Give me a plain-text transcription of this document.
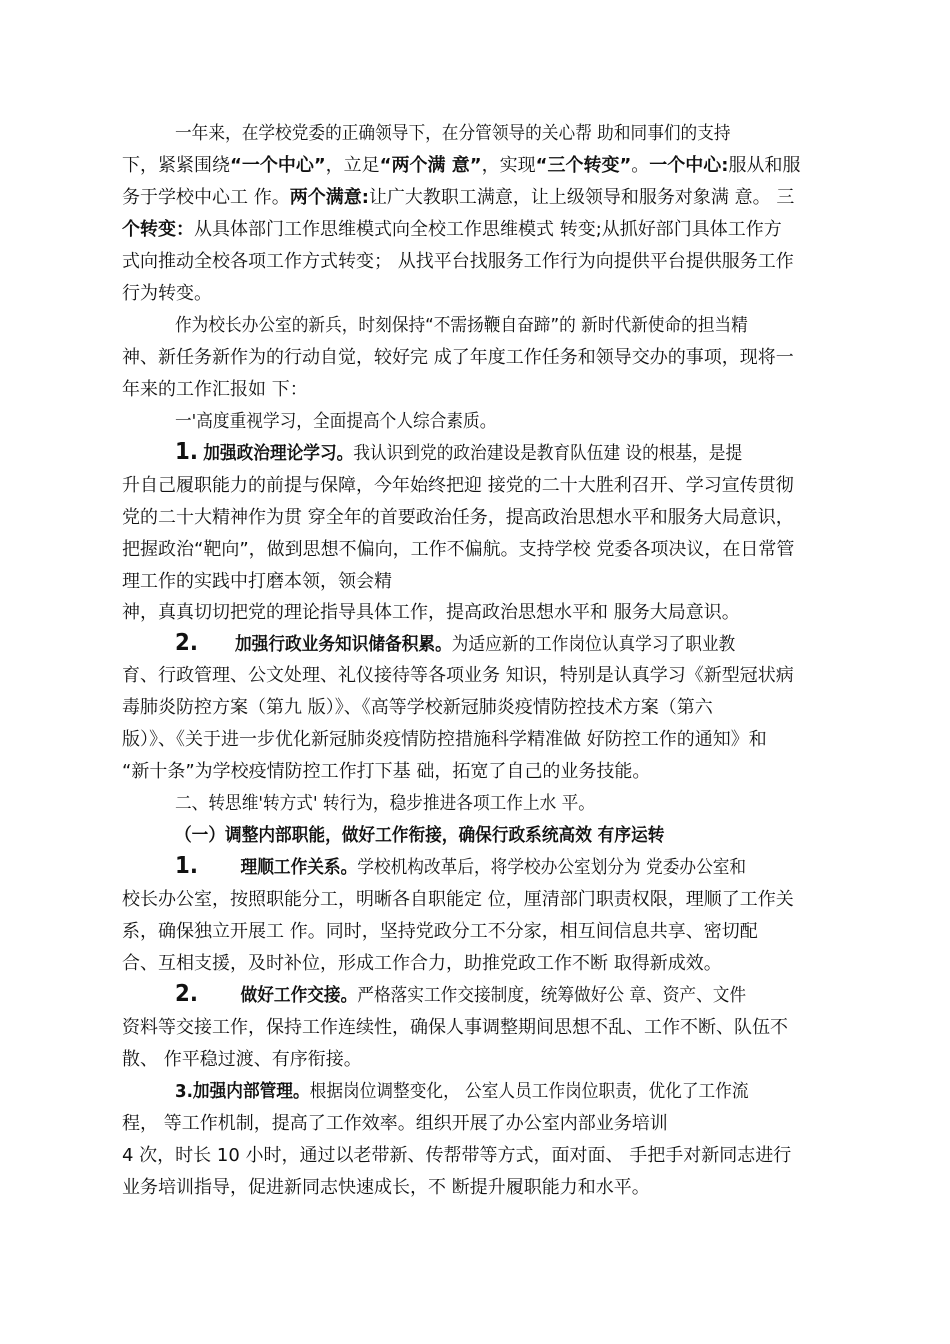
一年来，在学校党委的正确领导下，在分管领导的关心帮 助和同事们的支持
下，紧紧围绕“一个中心”，立足“两个满 意”，实现“三个转变”。一个中心:服从和服
务于学校中心工 作。两个满意:让广大教职工满意，让上级领导和服务对象满 意。 三
个转变：从具体部门工作思维模式向全校工作思维模式 转变;从抓好部门具体工作方
式向推动全校各项工作方式转变； 从找平台找服务工作行为向提供平台提供服务工作
行为转变。
作为校长办公室的新兵，时刻保持“不需扬鞭自奋蹄”的 新时代新使命的担当精
神、新任务新作为的行动自觉，较好完 成了年度工作任务和领导交办的事项，现将一
年来的工作汇报如 下：
一'高度重视学习，全面提高个人综合素质。
1. 加强政治理论学习。我认识到党的政治建设是教育队伍建 设的根基，是提
升自己履职能力的前提与保障，今年始终把迎 接党的二十大胜利召开、学习宣传贯彻
党的二十大精神作为贯 穿全年的首要政治任务，提高政治思想水平和服务大局意识，
把握政治“靶向”，做到思想不偏向，工作不偏航。支持学校 党委各项决议，在日常管
理工作的实践中打磨本领，领会精
神，真真切切把党的理论指导具体工作，提高政治思想水平和 服务大局意识。
2. 加强行政业务知识储备积累。为适应新的工作岗位认真学习了职业教
育、行政管理、公文处理、礼仪接待等各项业务 知识，特别是认真学习《新型冠状病
毒肺炎防控方案（第九 版）》、《高等学校新冠肺炎疫情防控技术方案（第六
版）》、《关于进一步优化新冠肺炎疫情防控措施科学精准做 好防控工作的通知》和
“新十条”为学校疫情防控工作打下基 础，拓宽了自己的业务技能。
二、转思维'转方式' 转行为，稳步推进各项工作上水 平。
（一）调整内部职能，做好工作衔接，确保行政系统高效 有序运转
1. 理顺工作关系。学校机构改革后，将学校办公室划分为 党委办公室和
校长办公室，按照职能分工，明晰各自职能定 位，厘清部门职责权限，理顺了工作关
系，确保独立开展工 作。同时，坚持党政分工不分家，相互间信息共享、密切配
合、互相支援，及时补位，形成工作合力，助推党政工作不断 取得新成效。
2. 做好工作交接。严格落实工作交接制度，统筹做好公 章、资产、文件
资料等交接工作，保持工作连续性，确保人事调整期间思想不乱、工作不断、队伍不
散、 作平稳过渡、有序衔接。
3.加强内部管理。根据岗位调整变化， 公室人员工作岗位职责，优化了工作流
程， 等工作机制，提高了工作效率。组织开展了办公室内部业务培训
4 次，时长 10 小时，通过以老带新、传帮带等方式，面对面、 手把手对新同志进行
业务培训指导，促进新同志快速成长，不 断提升履职能力和水平。
